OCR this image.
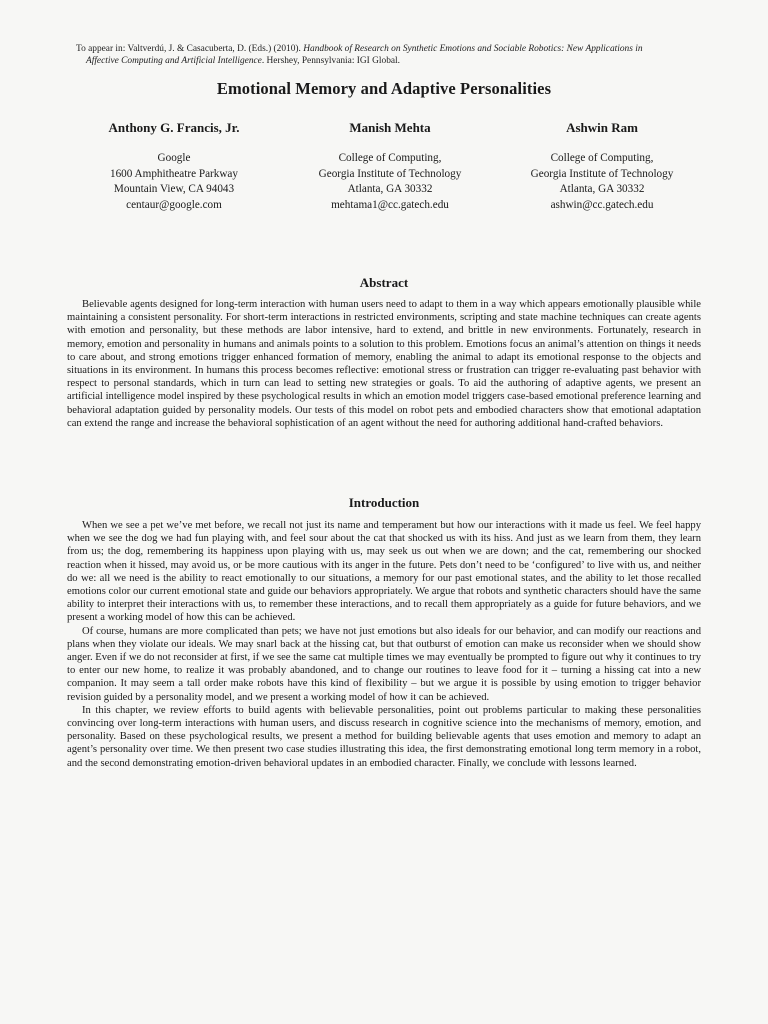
To appear in: Valtverdú, J. & Casacuberta, D. (Eds.) (2010). Handbook of Research on Synthetic Emotions and Sociable Robotics: New Applications in
Affective Computing and Artificial Intelligence. Hershey, Pennsylvania: IGI Global.
Emotional Memory and Adaptive Personalities
Anthony G. Francis, Jr.
Google
1600 Amphitheatre Parkway
Mountain View, CA 94043
centaur@google.com
Manish Mehta
College of Computing,
Georgia Institute of Technology
Atlanta, GA 30332
mehtama1@cc.gatech.edu
Ashwin Ram
College of Computing,
Georgia Institute of Technology
Atlanta, GA 30332
ashwin@cc.gatech.edu
Abstract

Believable agents designed for long-term interaction with human users need to adapt to them in a way which appears emotionally plausible while maintaining a consistent personality. For short-term interactions in restricted environments, scripting and state machine techniques can create agents with emotion and personality, but these methods are labor intensive, hard to extend, and brittle in new environments. Fortunately, research in memory, emotion and personality in humans and animals points to a solution to this problem. Emotions focus an animal’s attention on things it needs to care about, and strong emotions trigger enhanced formation of memory, enabling the animal to adapt its emotional response to the objects and situations in its environment. In humans this process becomes reflective: emotional stress or frustration can trigger re-evaluating past behavior with respect to personal standards, which in turn can lead to setting new strategies or goals. To aid the authoring of adaptive agents, we present an artificial intelligence model inspired by these psychological results in which an emotion model triggers case-based emotional preference learning and behavioral adaptation guided by personality models. Our tests of this model on robot pets and embodied characters show that emotional adaptation can extend the range and increase the behavioral sophistication of an agent without the need for authoring additional hand-crafted behaviors.

Introduction

When we see a pet we’ve met before, we recall not just its name and temperament but how our interactions with it made us feel. We feel happy when we see the dog we had fun playing with, and feel sour about the cat that shocked us with its hiss. And just as we learn from them, they learn from us; the dog, remembering its happiness upon playing with us, may seek us out when we are down; and the cat, remembering our shocked reaction when it hissed, may avoid us, or be more cautious with its anger in the future. Pets don’t need to be ‘configured’ to live with us, and neither do we: all we need is the ability to react emotionally to our situations, a memory for our past emotional states, and the ability to let those recalled emotions color our current emotional state and guide our behaviors appropriately. We argue that robots and synthetic characters should have the same ability to interpret their interactions with us, to remember these interactions, and to recall them appropriately as a guide for future behaviors, and we present a working model of how this can be achieved.

Of course, humans are more complicated than pets; we have not just emotions but also ideals for our behavior, and can modify our reactions and plans when they violate our ideals. We may snarl back at the hissing cat, but that outburst of emotion can make us reconsider when we should show anger. Even if we do not reconsider at first, if we see the same cat multiple times we may eventually be prompted to figure out why it continues to try to enter our new home, to realize it was probably abandoned, and to change our routines to leave food for it – turning a hissing cat into a new companion. It may seem a tall order make robots have this kind of flexibility – but we argue it is possible by using emotion to trigger behavior revision guided by a personality model, and we present a working model of how it can be achieved.

In this chapter, we review efforts to build agents with believable personalities, point out problems particular to making these personalities convincing over long-term interactions with human users, and discuss research in cognitive science into the mechanisms of memory, emotion, and personality. Based on these psychological results, we present a method for building believable agents that uses emotion and memory to adapt an agent’s personality over time. We then present two case studies illustrating this idea, the first demonstrating emotional long term memory in a robot, and the second demonstrating emotion-driven behavioral updates in an embodied character. Finally, we conclude with lessons learned.
